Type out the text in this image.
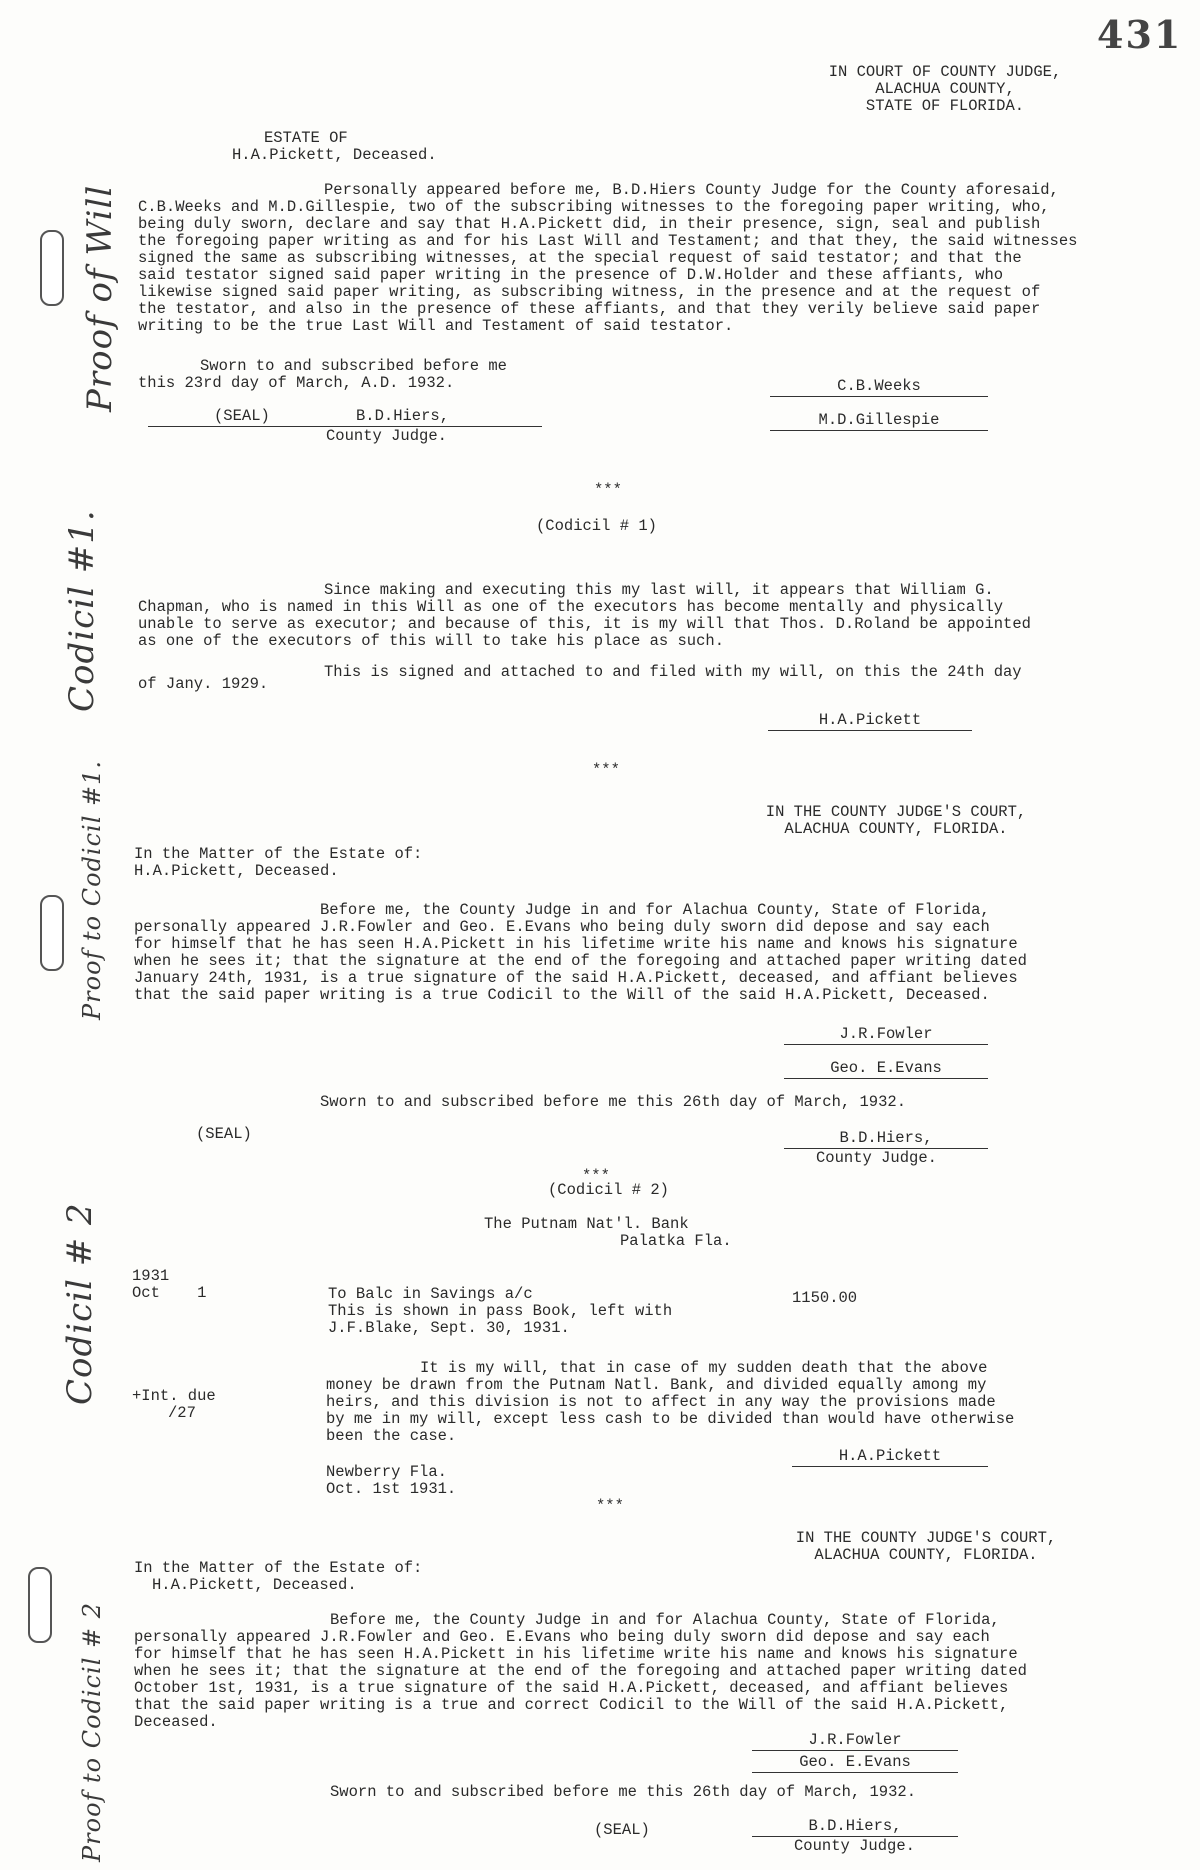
431
IN COURT OF COUNTY JUDGE,
ALACHUA COUNTY,
STATE OF FLORIDA.
ESTATE OF
H.A.Pickett, Deceased.
Proof of Will
Codicil #1.
Proof to Codicil #1.
Codicil # 2
Proof to Codicil # 2
Personally appeared before me, B.D.Hiers County Judge for the County aforesaid,
C.B.Weeks and M.D.Gillespie, two of the subscribing witnesses to the foregoing paper writing, who,
being duly sworn, declare and say that H.A.Pickett did, in their presence, sign, seal and publish
the foregoing paper writing as and for his Last Will and Testament; and that they, the said witnesses
signed the same as subscribing witnesses, at the special request of said testator; and that the
said testator signed said paper writing in the presence of D.W.Holder and these affiants, who
likewise signed said paper writing, as subscribing witness, in the presence and at the request of
the testator, and also in the presence of these affiants, and that they verily believe said paper
writing to be the true Last Will and Testament of said testator.
Sworn to and subscribed before me
this 23rd day of March, A.D. 1932.	C.B.Weeks
M.D.Gillespie
(SEAL)	B.D.Hiers,
County Judge.
***
(Codicil # 1)
Since making and executing this my last will, it appears that William G.
Chapman, who is named in this Will as one of the executors has become mentally and physically
unable to serve as executor; and because of this, it is my will that Thos. D.Roland be appointed
as one of the executors of this will to take his place as such.
This is signed and attached to and filed with my will, on this the 24th day
of Jany. 1929.
H.A.Pickett
***
IN THE COUNTY JUDGE'S COURT,
ALACHUA COUNTY, FLORIDA.
In the Matter of the Estate of:
H.A.Pickett, Deceased.
Before me, the County Judge in and for Alachua County, State of Florida,
personally appeared J.R.Fowler and Geo. E.Evans who being duly sworn did depose and say each
for himself that he has seen H.A.Pickett in his lifetime write his name and knows his signature
when he sees it; that the signature at the end of the foregoing and attached paper writing dated
January 24th, 1931, is a true signature of the said H.A.Pickett, deceased, and affiant believes
that the said paper writing is a true Codicil to the Will of the said H.A.Pickett, Deceased.
J.R.Fowler
Geo. E.Evans
Sworn to and subscribed before me this 26th day of March, 1932.
(SEAL)	B.D.Hiers,
County Judge.
***
(Codicil # 2)
The Putnam Nat'l. Bank
Palatka Fla.
1931
Oct    1	To Balc in Savings a/c
This is shown in pass Book, left with
J.F.Blake, Sept. 30, 1931.
1150.00
+Int. due
/27
It is my will, that in case of my sudden death that the above
money be drawn from the Putnam Natl. Bank, and divided equally among my
heirs, and this division is not to affect in any way the provisions made
by me in my will, except less cash to be divided than would have otherwise
been the case.
H.A.Pickett
Newberry Fla.
Oct. 1st 1931.
***
IN THE COUNTY JUDGE'S COURT,
ALACHUA COUNTY, FLORIDA.
In the Matter of the Estate of:
H.A.Pickett, Deceased.
Before me, the County Judge in and for Alachua County, State of Florida,
personally appeared J.R.Fowler and Geo. E.Evans who being duly sworn did depose and say each
for himself that he has seen H.A.Pickett in his lifetime write his name and knows his signature
when he sees it; that the signature at the end of the foregoing and attached paper writing dated
October 1st, 1931, is a true signature of the said H.A.Pickett, deceased, and affiant believes
that the said paper writing is a true and correct Codicil to the Will of the said H.A.Pickett,
Deceased.
J.R.Fowler
Geo. E.Evans
Sworn to and subscribed before me this 26th day of March, 1932.
(SEAL)	B.D.Hiers,
County Judge.
